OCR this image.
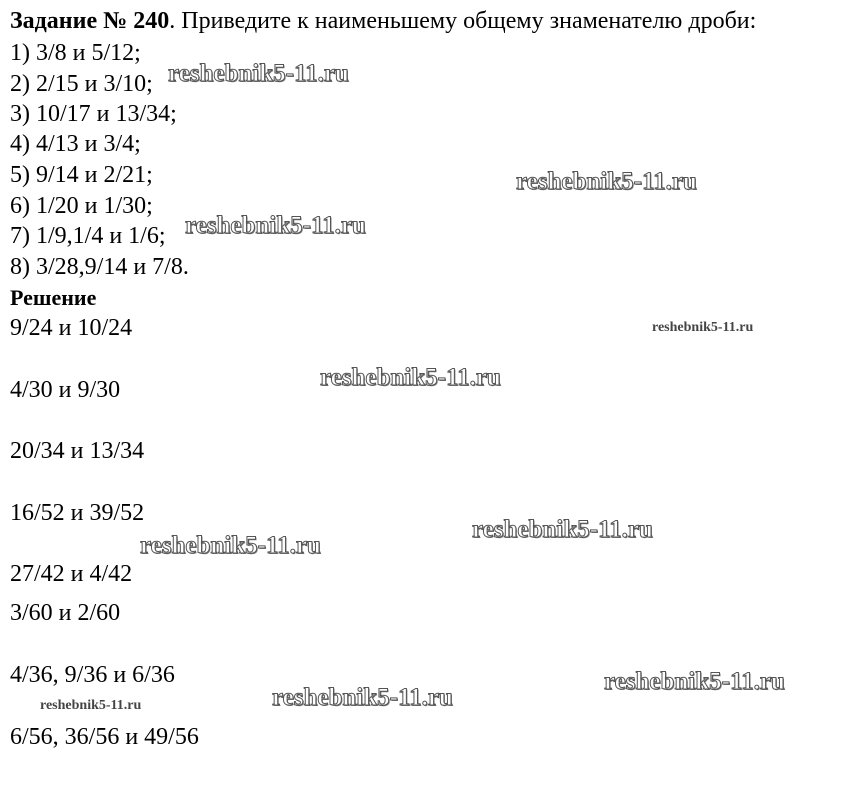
Задание № 240. Приведите к наименьшему общему знаменателю дроби:
1) 3/8 и 5/12;
2) 2/15 и 3/10;
3) 10/17 и 13/34;
4) 4/13 и 3/4;
5) 9/14 и 2/21;
6) 1/20 и 1/30;
7) 1/9,1/4 и 1/6;
8) 3/28,9/14 и 7/8.
Решение
9/24 и 10/24
4/30 и 9/30
20/34 и 13/34
16/52 и 39/52
27/42 и 4/42
3/60 и 2/60
4/36, 9/36 и 6/36
6/56, 36/56 и 49/56
reshebnik5-11.ru
reshebnik5-11.ru
reshebnik5-11.ru
reshebnik5-11.ru
reshebnik5-11.ru
reshebnik5-11.ru
reshebnik5-11.ru
reshebnik5-11.ru
reshebnik5-11.ru
reshebnik5-11.ru
